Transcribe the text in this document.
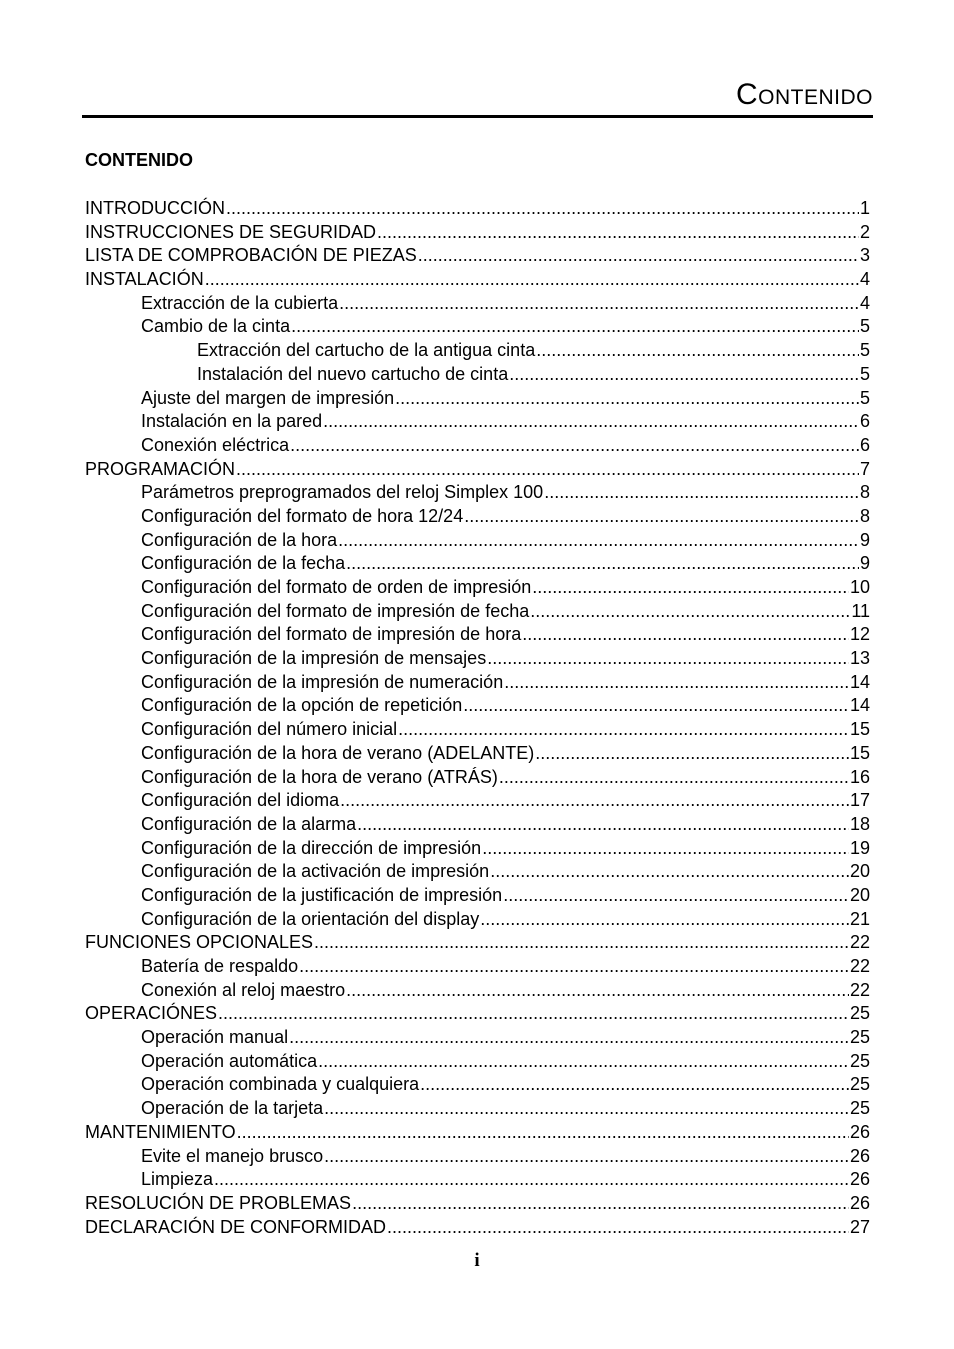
CONTENIDO
CONTENIDO
INTRODUCCIÓN .....	1
INSTRUCCIONES DE SEGURIDAD .....	2
LISTA DE COMPROBACIÓN DE PIEZAS .....	3
INSTALACIÓN .....	4
Extracción de la cubierta .....	4
Cambio de la cinta .....	5
Extracción del cartucho de la antigua cinta .....	5
Instalación del nuevo cartucho de cinta .....	5
Ajuste del margen de impresión .....	5
Instalación en la pared .....	6
Conexión eléctrica .....	6
PROGRAMACIÓN .....	7
Parámetros preprogramados del reloj Simplex 100 .....	8
Configuración del formato de hora 12/24 .....	8
Configuración de la hora .....	9
Configuración de la fecha .....	9
Configuración del formato de orden de impresión .....	10
Configuración del formato de impresión de fecha .....	11
Configuración del formato de impresión de hora .....	12
Configuración de la impresión de mensajes .....	13
Configuración de la impresión de numeración .....	14
Configuración de la opción de repetición .....	14
Configuración del número inicial .....	15
Configuración de la hora de verano (ADELANTE) .....	15
Configuración de la hora de verano (ATRÁS) .....	16
Configuración del idioma .....	17
Configuración de la alarma .....	18
Configuración de la dirección de impresión .....	19
Configuración de la activación de impresión .....	20
Configuración de la justificación de impresión .....	20
Configuración de la orientación del display .....	21
FUNCIONES OPCIONALES .....	22
Batería de respaldo .....	22
Conexión al reloj maestro .....	22
OPERACIÓNES .....	25
Operación manual .....	25
Operación automática .....	25
Operación combinada y cualquiera .....	25
Operación de la tarjeta .....	25
MANTENIMIENTO .....	26
Evite el manejo brusco .....	26
Limpieza .....	26
RESOLUCIÓN DE PROBLEMAS .....	26
DECLARACIÓN DE CONFORMIDAD .....	27
i
